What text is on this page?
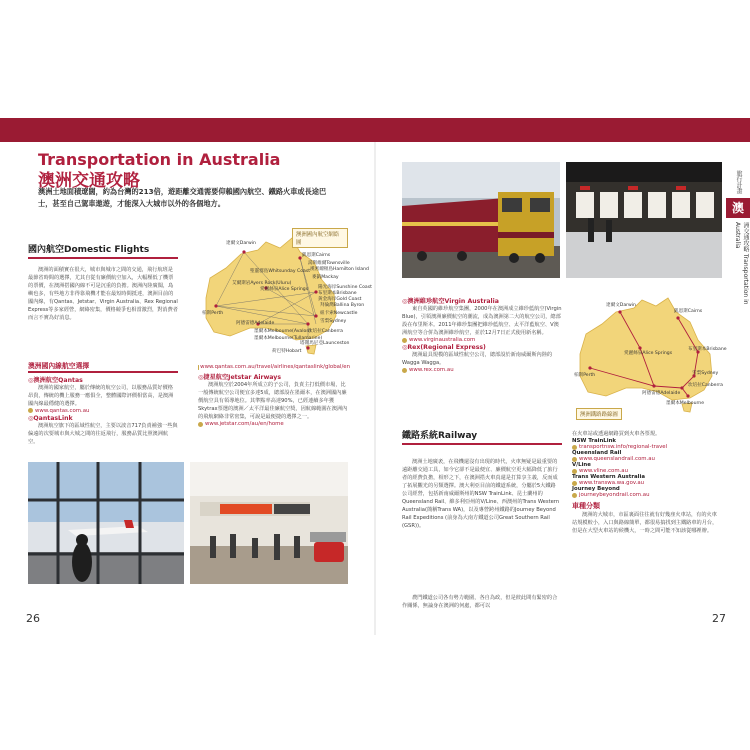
Transportation in Australia
澳洲交通攻略
澳洲土地面積遼闊，約為台灣的213倍，遊距離交通需要仰賴國內航空、鐵路火車或長途巴士，甚至自己駕車遨遊，才能深入大城市以外的各個地方。
國內航空Domestic Flights
澳洲的面積實在很大，城市與城市之間的交通，飛行航班是最節省時間的選擇，尤其自從有廉價航空加入，大幅壓低了機票的票價，在澳洲搭國內線不可是沉重的負擔。澳洲內陸廣闊，島嶼也多，有些地方非得靠飛機才能在最短時間抵達，澳洲目前的國內線，有Qantas、Jetstar、Virgin Australia、Rex Regional Express等多家經營，網絡密集，價格競爭也相當激烈，對消費者而言不實為好消息。
澳洲國內線航空選擇
◎澳洲航空Qantas
澳洲的國家航空，屬於傳統的航空公司，以服務品質好價格昂貴，傳統的機上服務一應俱全，整體國際評價相當高，是澳洲國內線最穩健的選擇。
www.qantas.com.au
◎QantasLink
澳洲航空旗下的區域性航空，主要以波音717負責補強一些與偏遠的次要城市與大城之間的往返飛行，服務品質比照澳洲航空。
澳洲國內航空網絡圖
達爾文Darwin
凱恩斯Cairns
湯斯維爾Townsville
漢密爾頓島Hamilton Island
麥凱Mackay
聖靈群島Whitsunday Coast
艾爾斯岩Ayers Rock(Uluru)
愛麗絲泉Alice Springs 陽光海岸Sunshine Coast
布里斯本Brisbane
黃金海岸Gold Coast
拜倫灣Ballina Byron
紐卡索Newcastle
雪梨Sydney
柏斯Perth
阿德雷德Adelaide
坎培拉Canberra
墨爾本Melbourne(Avalon)
墨爾本Melbourne(Tullamarine)
塔斯馬尼亞Launceston
荷巴特Hobart
www.qantas.com.au/travel/airlines/qantaslink/global/en
◎捷星航空Jetstar Airways
澳洲航空於2004年所成立的子公司，負責主打低價市場，比一般傳統航空公司便宜多達5成，總部設在墨爾本，在澳洲國內廉價航空具有領導地位。其準點率高達90%，已經連續多年獲Skytrax票選的澳洲／太平洋最佳廉航空獎，因航線範圍在澳洲內的飛航網絡非常密集，可說是最便捷的選擇之一。
www.jetstar.com/au/en/home
26
◎澳洲維珍航空Virgin Australia
東自英國的維珍航空集團，2000年在澳洲成立維珍藍航空(Virgin Blue)，引領澳洲廉價航空的潮流，成為澳洲第二大的航空公司，總部設在布里斯本。2011年維珍集團把維珍藍航空、太平洋藍航空、V澳洲航空等合併為澳洲維珍航空，並於12月7日正式使用新名稱。
www.virginaustralia.com
◎Rex(Regional Express)
澳洲最具規模的區域性航空公司，總部設於新南威爾斯內陸的Wagga Wagga。
www.rex.com.au
鐵路系統Railway
澳洲土地廣袤，在飛機還沒有出現的時代，火車無疑是最重要的遠距離交通工具，如今它卻不是最便宜、廉價航空更大幅降低了旅行者的經費負擔，相形之下，在澳洲搭火車真還是打算享主義，反而成了拓展觀光的另類選擇。澳大利亞目前的鐵道系統，分屬於5大鐵路公司經營，包括新南威爾斯州的NSW TrainLink、昆士蘭州的Queensland Rail、維多利亞州的V/Line、西澳州的Trans Western Australia(簡稱Trans WA)，以及專營跨州鐵路的Journey Beyond Rail Expeditions (前身為大南方鐵道公司Great Southern Rail (GSR))。
農門鐵道公司各有勢力範圍，各自為政，但是彼此間有緊密的合作關係，無論身在澳洲的何處，都可以
達爾文Darwin
凱恩斯Cairns
愛麗絲泉Alice Springs
布里斯本Brisbane
柏斯Perth
阿德雷德Adelaide
雪梨Sydney
坎培拉Canberra
墨爾本Melbourne
澳洲鐵路路線圖
在火車站或透過網路買到火車各票規。
NSW TrainLink
transportnsw.info/regional-travel
Queensland Rail
www.queenslandrail.com.au
V/Line
www.vline.com.au
Trans Western Australia
www.transwa.wa.gov.au
Journey Beyond
journeybeyondrail.com.au
車種分類
澳洲的大城市，市區裏面往往就有好幾座火車站，有的火車站規模較小，入口與路線簡單，都很易搞找到主鐵路車的月台，但是在大型火車站的候機大，一時之間可能不知該從哪裡辦。
旅行計畫
澳
洲交通攻略 Transportation in Australia
27
